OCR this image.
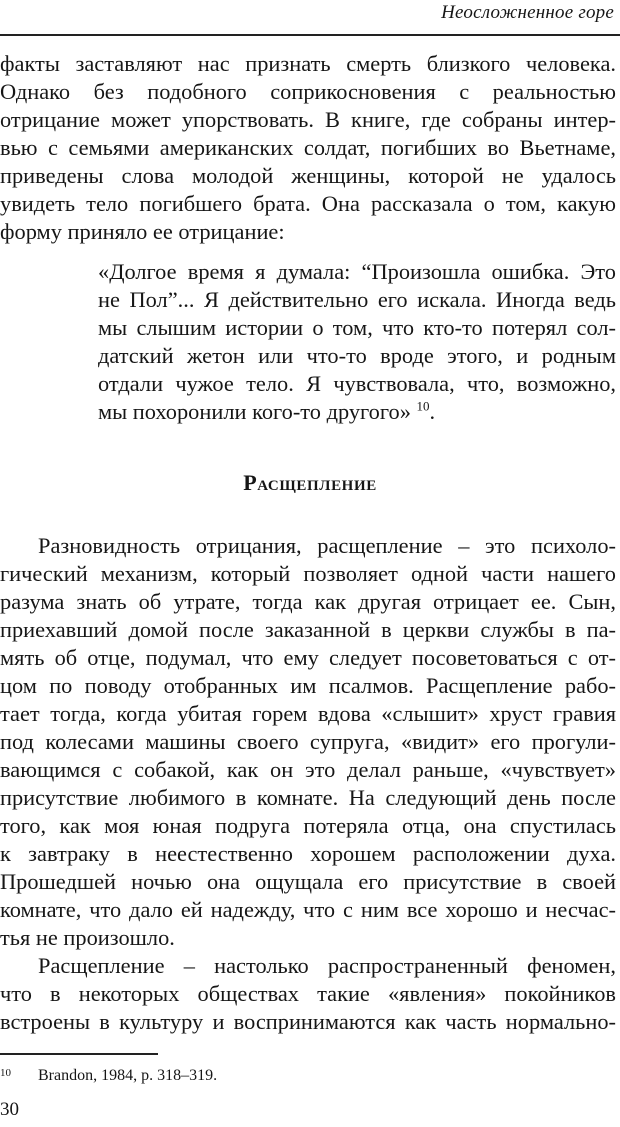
Неосложненное горе
факты заставляют нас признать смерть близкого человека.
Однако без подобного соприкосновения с реальностью
отрицание может упорствовать. В книге, где собраны интер-
вью с семьями американских солдат, погибших во Вьетнаме,
приведены слова молодой женщины, которой не удалось
увидеть тело погибшего брата. Она рассказала о том, какую
форму приняло ее отрицание:
«Долгое время я думала: “Произошла ошибка. Это
не Пол”... Я действительно его искала. Иногда ведь
мы слышим истории о том, что кто-то потерял сол-
датский жетон или что-то вроде этого, и родным
отдали чужое тело. Я чувствовала, что, возможно,
мы похоронили кого-то другого» $^{10}$.
Расщепление
Разновидность отрицания, расщепление – это психоло-
гический механизм, который позволяет одной части нашего
разума знать об утрате, тогда как другая отрицает ее. Сын,
приехавший домой после заказанной в церкви службы в па-
мять об отце, подумал, что ему следует посоветоваться с от-
цом по поводу отобранных им псалмов. Расщепление рабо-
тает тогда, когда убитая горем вдова «слышит» хруст гравия
под колесами машины своего супруга, «видит» его прогули-
вающимся с собакой, как он это делал раньше, «чувствует»
присутствие любимого в комнате. На следующий день после
того, как моя юная подруга потеряла отца, она спустилась
к завтраку в неестественно хорошем расположении духа.
Прошедшей ночью она ощущала его присутствие в своей
комнате, что дало ей надежду, что с ним все хорошо и несчас-
тья не произошло.
Расщепление – настолько распространенный феномен,
что в некоторых обществах такие «явления» покойников
встроены в культуру и воспринимаются как часть нормально-
10 Brandon, 1984, p. 318–319.
30
